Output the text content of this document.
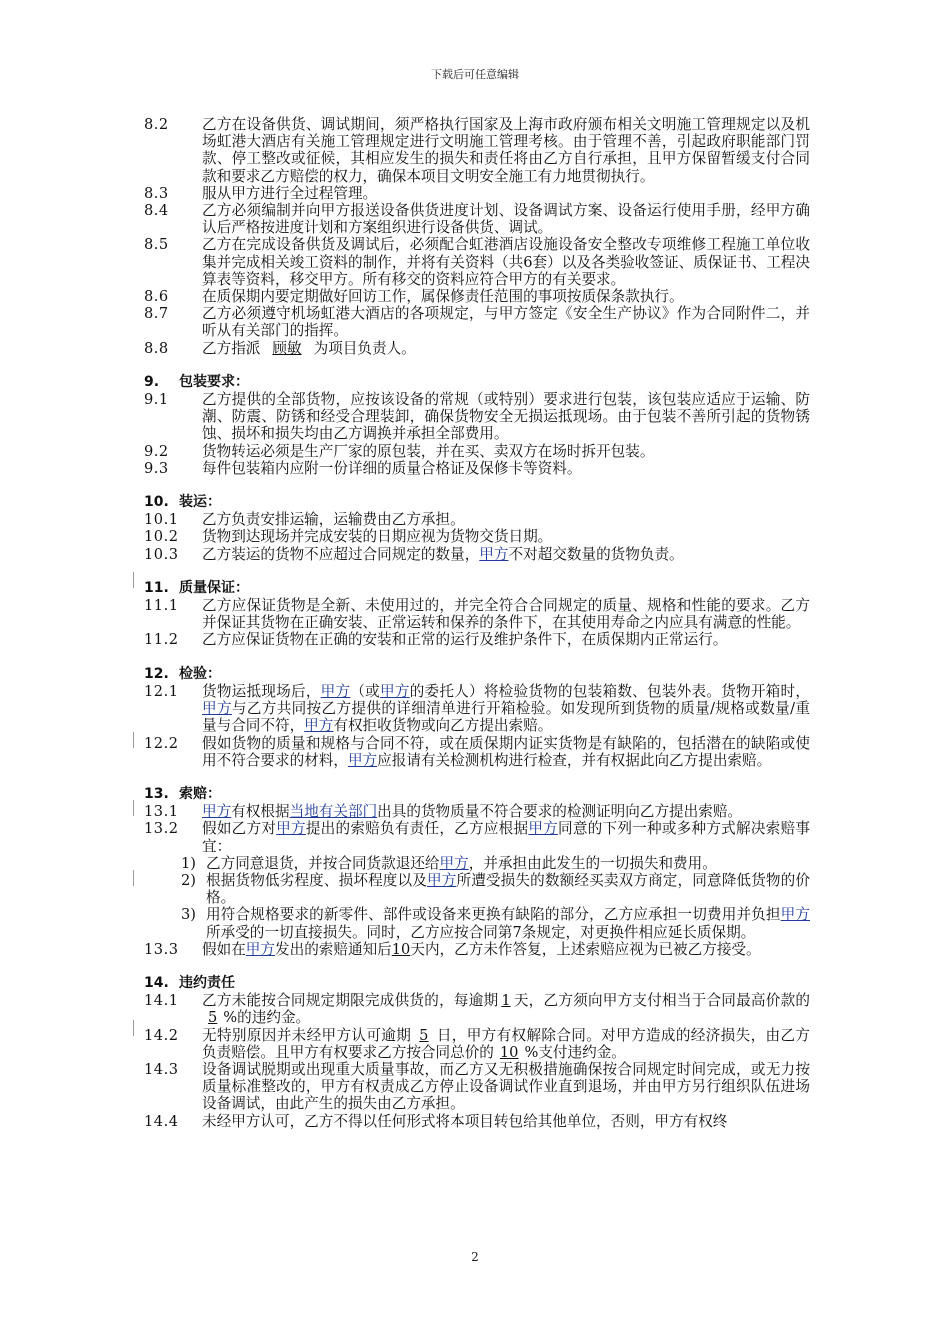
下载后可任意编辑
8.2	乙方在设备供货、调试期间，须严格执行国家及上海市政府颁布相关文明施工管理规定以及机场虹港大酒店有关施工管理规定进行文明施工管理考核。由于管理不善，引起政府职能部门罚款、停工整改或征候，其相应发生的损失和责任将由乙方自行承担，且甲方保留暂缓支付合同款和要求乙方赔偿的权力，确保本项目文明安全施工有力地贯彻执行。
8.3	服从甲方进行全过程管理。
8.4	乙方必须编制并向甲方报送设备供货进度计划、设备调试方案、设备运行使用手册，经甲方确认后严格按进度计划和方案组织进行设备供货、调试。
8.5	乙方在完成设备供货及调试后，必须配合虹港酒店设施设备安全整改专项维修工程施工单位收集并完成相关竣工资料的制作，并将有关资料（共6套）以及各类验收签证、质保证书、工程决算表等资料，移交甲方。所有移交的资料应符合甲方的有关要求。
8.6	在质保期内要定期做好回访工作，属保修责任范围的事项按质保条款执行。
8.7	乙方必须遵守机场虹港大酒店的各项规定，与甲方签定《安全生产协议》作为合同附件二，并听从有关部门的指挥。
8.8	乙方指派 顾敏 为项目负责人。
9. 包装要求：
9.1	乙方提供的全部货物，应按该设备的常规（或特别）要求进行包装，该包装应适应于运输、防潮、防震、防锈和经受合理装卸，确保货物安全无损运抵现场。由于包装不善所引起的货物锈蚀、损坏和损失均由乙方调换并承担全部费用。
9.2	货物转运必须是生产厂家的原包装，并在买、卖双方在场时拆开包装。
9.3	每件包装箱内应附一份详细的质量合格证及保修卡等资料。
10. 装运：
10.1	乙方负责安排运输，运输费由乙方承担。
10.2	货物到达现场并完成安装的日期应视为货物交货日期。
10.3	乙方装运的货物不应超过合同规定的数量，甲方不对超交数量的货物负责。
11. 质量保证：
11.1	乙方应保证货物是全新、未使用过的，并完全符合合同规定的质量、规格和性能的要求。乙方并保证其货物在正确安装、正常运转和保养的条件下，在其使用寿命之内应具有满意的性能。
11.2	乙方应保证货物在正确的安装和正常的运行及维护条件下，在质保期内正常运行。
12. 检验：
12.1	货物运抵现场后，甲方（或甲方的委托人）将检验货物的包装箱数、包装外表。货物开箱时，甲方与乙方共同按乙方提供的详细清单进行开箱检验。如发现所到货物的质量/规格或数量/重量与合同不符，甲方有权拒收货物或向乙方提出索赔。
12.2	假如货物的质量和规格与合同不符，或在质保期内证实货物是有缺陷的，包括潜在的缺陷或使用不符合要求的材料，甲方应报请有关检测机构进行检查，并有权据此向乙方提出索赔。
13. 索赔：
13.1	甲方有权根据当地有关部门出具的货物质量不符合要求的检测证明向乙方提出索赔。
13.2	假如乙方对甲方提出的索赔负有责任，乙方应根据甲方同意的下列一种或多种方式解决索赔事宜：
1) 乙方同意退货，并按合同货款退还给甲方，并承担由此发生的一切损失和费用。
2) 根据货物低劣程度、损坏程度以及甲方所遭受损失的数额经买卖双方商定，同意降低货物的价格。
3) 用符合规格要求的新零件、部件或设备来更换有缺陷的部分，乙方应承担一切费用并负担甲方所承受的一切直接损失。同时，乙方应按合同第7条规定，对更换件相应延长质保期。
13.3	假如在甲方发出的索赔通知后10天内，乙方未作答复，上述索赔应视为已被乙方接受。
14. 违约责任
14.1	乙方未能按合同规定期限完成供货的，每逾期 1 天，乙方须向甲方支付相当于合同最高价款的5 %的违约金。
14.2	无特别原因并未经甲方认可逾期 5 日，甲方有权解除合同。对甲方造成的经济损失，由乙方负责赔偿。且甲方有权要求乙方按合同总价的 10 %支付违约金。
14.3	设备调试脱期或出现重大质量事故，而乙方又无积极措施确保按合同规定时间完成，或无力按质量标准整改的，甲方有权责成乙方停止设备调试作业直到退场，并由甲方另行组织队伍进场设备调试，由此产生的损失由乙方承担。
14.4	未经甲方认可，乙方不得以任何形式将本项目转包给其他单位，否则，甲方有权终
2
